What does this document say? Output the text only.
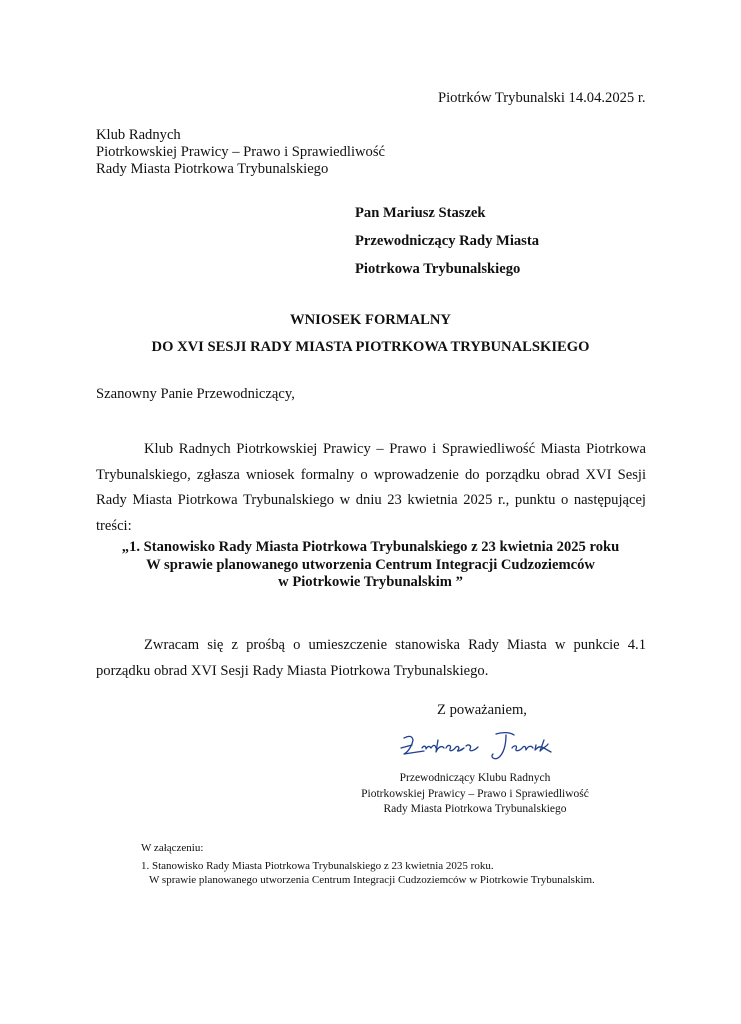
Piotrków Trybunalski 14.04.2025 r.
Klub Radnych
Piotrkowskiej Prawicy – Prawo i Sprawiedliwość
Rady Miasta Piotrkowa Trybunalskiego
Pan Mariusz Staszek
Przewodniczący Rady Miasta
Piotrkowa Trybunalskiego
WNIOSEK FORMALNY
DO XVI SESJI RADY MIASTA PIOTRKOWA TRYBUNALSKIEGO
Szanowny Panie Przewodniczący,

Klub Radnych Piotrkowskiej Prawicy – Prawo i Sprawiedliwość Miasta Piotrkowa Trybunalskiego, zgłasza wniosek formalny o wprowadzenie do porządku obrad XVI Sesji Rady Miasta Piotrkowa Trybunalskiego w dniu 23 kwietnia 2025 r., punktu o następującej treści:

„1. Stanowisko Rady Miasta Piotrkowa Trybunalskiego z 23 kwietnia 2025 roku
W sprawie planowanego utworzenia Centrum Integracji Cudzoziemców
w Piotrkowie Trybunalskim ”

Zwracam się z prośbą o umieszczenie stanowiska Rady Miasta w punkcie 4.1 porządku obrad XVI Sesji Rady Miasta Piotrkowa Trybunalskiego.

Z poważaniem,
Przewodniczący Klubu Radnych
Piotrkowskiej Prawicy – Prawo i Sprawiedliwość
Rady Miasta Piotrkowa Trybunalskiego
W załączeniu:
1. Stanowisko Rady Miasta Piotrkowa Trybunalskiego z 23 kwietnia 2025 roku.
W sprawie planowanego utworzenia Centrum Integracji Cudzoziemców w Piotrkowie Trybunalskim.
